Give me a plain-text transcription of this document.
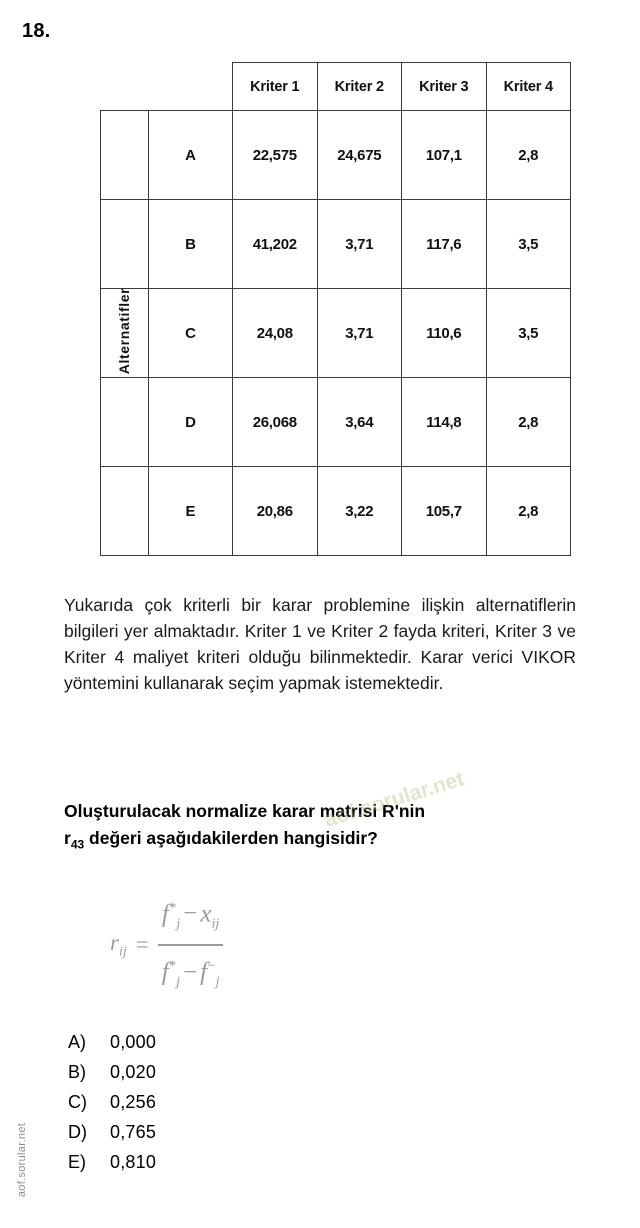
18.
		Kriter 1	Kriter 2	Kriter 3	Kriter 4
	A	22,575	24,675	107,1	2,8
	B	41,202	3,71	117,6	3,5
	C	24,08	3,71	110,6	3,5
	D	26,068	3,64	114,8	2,8
	E	20,86	3,22	105,7	2,8
Alternatifler
Yukarıda çok kriterli bir karar problemine ilişkin alternatiflerin bilgileri yer almaktadır. Kriter 1 ve Kriter 2 fayda kriteri, Kriter 3 ve Kriter 4 maliyet kriteri olduğu bilinmektedir. Karar verici VIKOR yöntemini kullanarak seçim yapmak istemektedir.
Oluşturulacak normalize karar matrisi R'nin
$r_{43}$ değeri aşağıdakilerden hangisidir?
$r_{ij} = \frac{f^*_j - x_{ij}}{f^*_j - f^-_j}$
A)	0,000
B)	0,020
C)	0,256
D)	0,765
E)	0,810
aof.sorular.net
aof.sorular.net
